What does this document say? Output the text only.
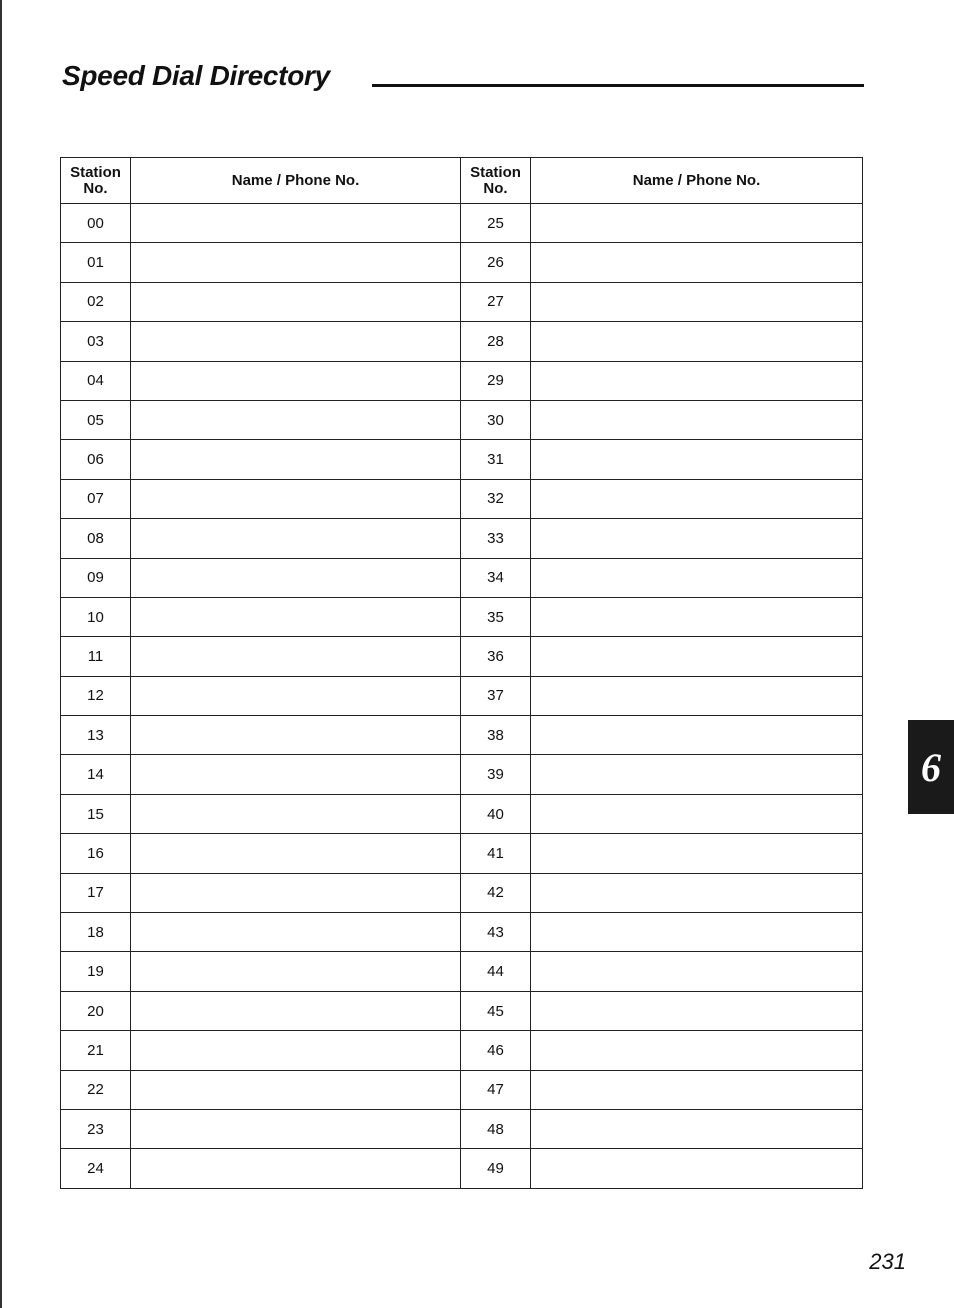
Speed Dial Directory
Station
No.	Name / Phone No.	Station
No.	Name / Phone No.
00		25	
01		26	
02		27	
03		28	
04		29	
05		30	
06		31	
07		32	
08		33	
09		34	
10		35	
11		36	
12		37	
13		38	
14		39	
15		40	
16		41	
17		42	
18		43	
19		44	
20		45	
21		46	
22		47	
23		48	
24		49	
6
231
